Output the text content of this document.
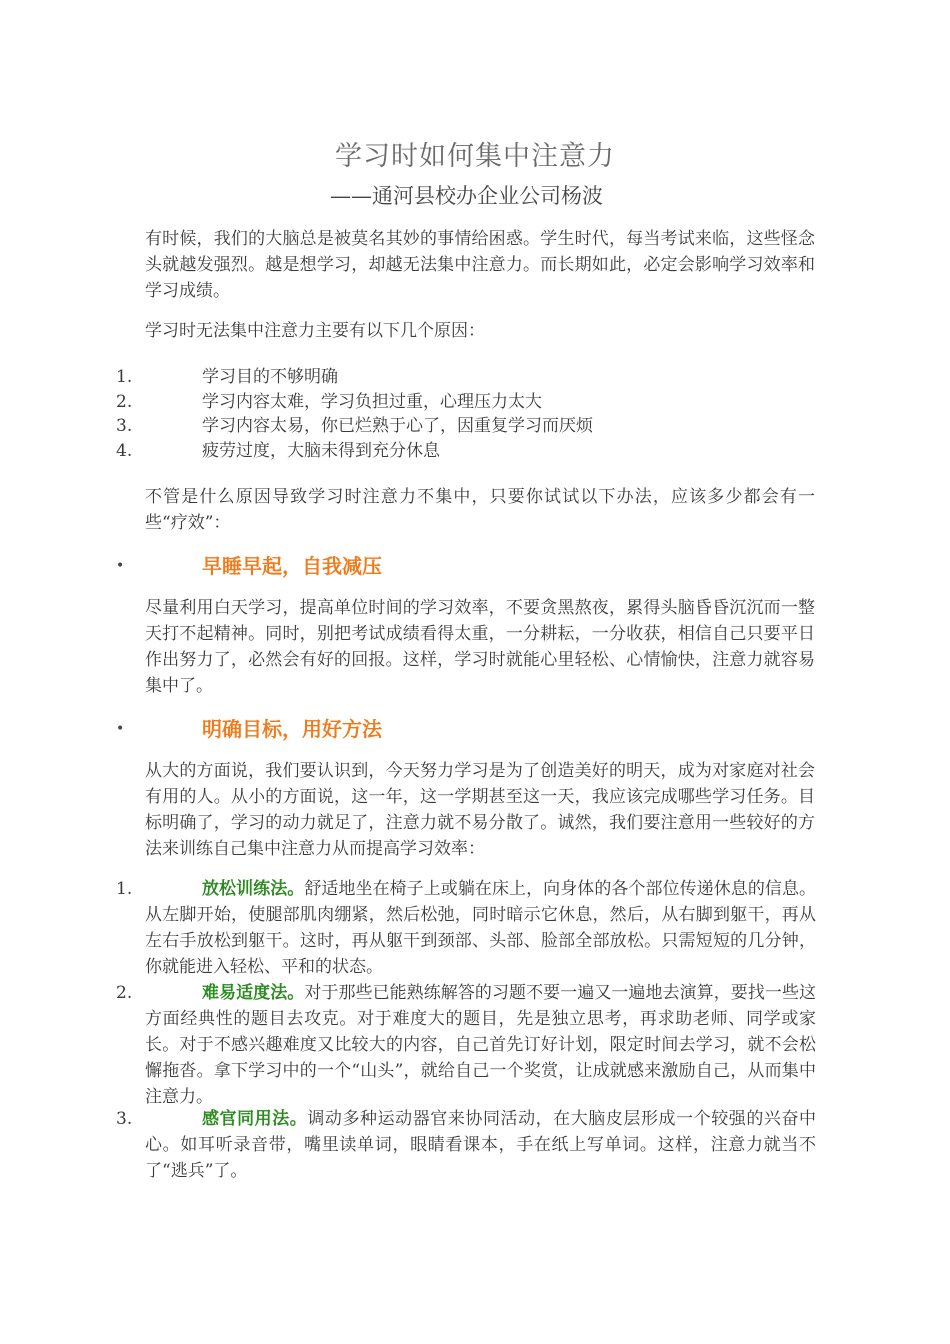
学习时如何集中注意力
——通河县校办企业公司杨波
有时候，我们的大脑总是被莫名其妙的事情给困惑。学生时代，每当考试来临，这些怪念头就越发强烈。越是想学习，却越无法集中注意力。而长期如此，必定会影响学习效率和学习成绩。
学习时无法集中注意力主要有以下几个原因：
1.	学习目的不够明确
2.	学习内容太难，学习负担过重，心理压力太大
3.	学习内容太易，你已烂熟于心了，因重复学习而厌烦
4.	疲劳过度，大脑未得到充分休息
不管是什么原因导致学习时注意力不集中，只要你试试以下办法，应该多少都会有一些“疗效”：
•	早睡早起，自我减压
尽量利用白天学习，提高单位时间的学习效率，不要贪黑熬夜，累得头脑昏昏沉沉而一整天打不起精神。同时，别把考试成绩看得太重，一分耕耘，一分收获，相信自己只要平日作出努力了，必然会有好的回报。这样，学习时就能心里轻松、心情愉快，注意力就容易集中了。
•	明确目标，用好方法
从大的方面说，我们要认识到，今天努力学习是为了创造美好的明天，成为对家庭对社会有用的人。从小的方面说，这一年，这一学期甚至这一天，我应该完成哪些学习任务。目标明确了，学习的动力就足了，注意力就不易分散了。诚然，我们要注意用一些较好的方法来训练自己集中注意力从而提高学习效率：
1.	放松训练法。舒适地坐在椅子上或躺在床上，向身体的各个部位传递休息的信息。从左脚开始，使腿部肌肉绷紧，然后松弛，同时暗示它休息，然后，从右脚到躯干，再从左右手放松到躯干。这时，再从躯干到颈部、头部、脸部全部放松。只需短短的几分钟，你就能进入轻松、平和的状态。
2.	难易适度法。对于那些已能熟练解答的习题不要一遍又一遍地去演算，要找一些这方面经典性的题目去攻克。对于难度大的题目，先是独立思考，再求助老师、同学或家长。对于不感兴趣难度又比较大的内容，自己首先订好计划，限定时间去学习，就不会松懈拖沓。拿下学习中的一个“山头”，就给自己一个奖赏，让成就感来激励自己，从而集中注意力。
3.	感官同用法。调动多种运动器官来协同活动，在大脑皮层形成一个较强的兴奋中心。如耳听录音带，嘴里读单词，眼睛看课本，手在纸上写单词。这样，注意力就当不了“逃兵”了。
